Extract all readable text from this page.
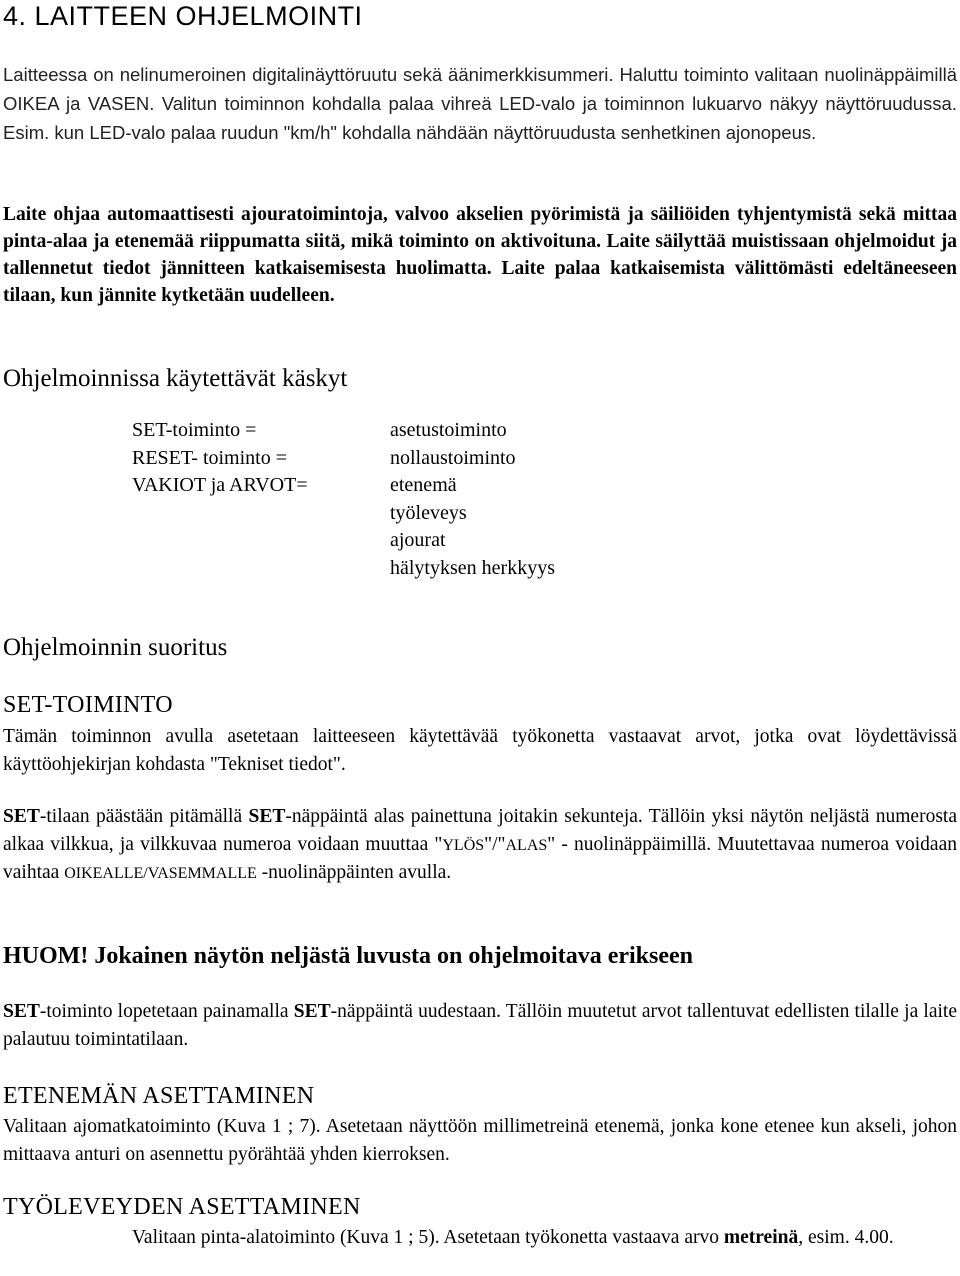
4. LAITTEEN OHJELMOINTI

Laitteessa on nelinumeroinen digitalinäyttöruutu sekä äänimerkkisummeri. Haluttu toiminto valitaan nuolinäppäimillä OIKEA ja VASEN. Valitun toiminnon kohdalla palaa vihreä LED-valo ja toiminnon lukuarvo näkyy näyttöruudussa. Esim. kun LED-valo palaa ruudun "km/h" kohdalla nähdään näyttöruudusta senhetkinen ajonopeus.

Laite ohjaa automaattisesti ajouratoimintoja, valvoo akselien pyörimistä ja säiliöiden tyhjentymistä sekä mittaa pinta-alaa ja etenemää riippumatta siitä, mikä toiminto on aktivoituna. Laite säilyttää muistissaan ohjelmoidut ja tallennetut tiedot jännitteen katkaisemisesta huolimatta. Laite palaa katkaisemista välittömästi edeltäneeseen tilaan, kun jännite kytketään uudelleen.

Ohjelmoinnissa käytettävät käskyt
SET-toiminto =
RESET- toiminto =
VAKIOT ja ARVOT=
asetustoiminto
nollaustoiminto
etenemä
työleveys
ajourat
hälytyksen herkkyys
Ohjelmoinnin suoritus
SET-TOIMINTO

Tämän toiminnon avulla asetetaan laitteeseen käytettävää työkonetta vastaavat arvot, jotka ovat löydettävissä käyttöohjekirjan kohdasta "Tekniset tiedot".

SET-tilaan päästään pitämällä SET-näppäintä alas painettuna joitakin sekunteja. Tällöin yksi näytön neljästä numerosta alkaa vilkkua, ja vilkkuvaa numeroa voidaan muuttaa "YLÖS"/"ALAS" - nuolinäppäimillä. Muutettavaa numeroa voidaan vaihtaa OIKEALLE/VASEMMALLE -nuolinäppäinten avulla.

HUOM! Jokainen näytön neljästä luvusta on ohjelmoitava erikseen

SET-toiminto lopetetaan painamalla SET-näppäintä uudestaan. Tällöin muutetut arvot tallentuvat edellisten tilalle ja laite palautuu toimintatilaan.

ETENEMÄN ASETTAMINEN

Valitaan ajomatkatoiminto (Kuva 1 ; 7). Asetetaan näyttöön millimetreinä etenemä, jonka kone etenee kun akseli, johon mittaava anturi on asennettu pyörähtää yhden kierroksen.

TYÖLEVEYDEN ASETTAMINEN

Valitaan pinta-alatoiminto (Kuva 1 ; 5). Asetetaan työkonetta vastaava arvo metreinä, esim. 4.00.
